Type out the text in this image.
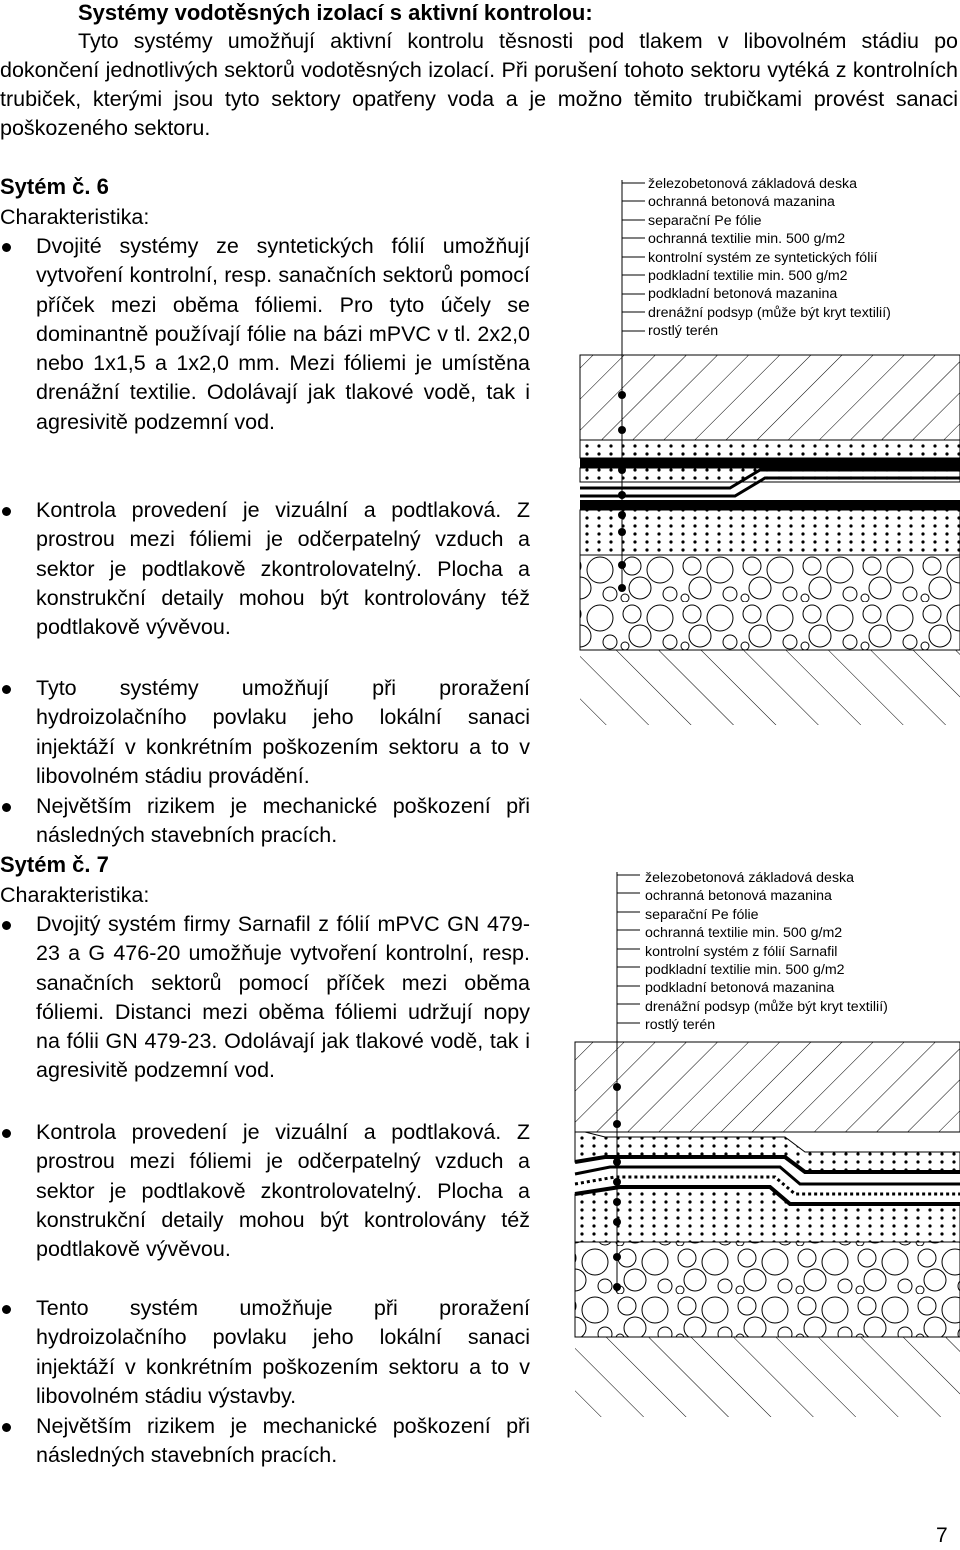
Systémy vodotěsných izolací s aktivní kontrolou:
Tyto systémy umožňují aktivní kontrolu těsnosti pod tlakem v libovolném stádiu po dokončení jednotlivých sektorů vodotěsných izolací. Při porušení tohoto sektoru vytéká z kontrolních trubiček, kterými jsou tyto sektory opatřeny voda a je možno těmito trubičkami provést sanaci poškozeného sektoru.
Sytém č. 6
Charakteristika:
Dvojité systémy ze syntetických fólií umožňují vytvoření kontrolní, resp. sanačních sektorů pomocí příček mezi oběma fóliemi. Pro tyto účely se dominantně používají fólie na bázi mPVC v tl. 2x2,0 nebo 1x1,5 a 1x2,0 mm. Mezi fóliemi je umístěna drenážní textilie. Odolávají jak tlakové vodě, tak i agresivitě podzemní vod.
Kontrola provedení je vizuální a podtlaková. Z prostrou mezi fóliemi je odčerpatelný vzduch a sektor je podtlakově zkontrolovatelný. Plocha a konstrukční detaily mohou být kontrolovány též podtlakově vývěvou.
Tyto systémy umožňují při proražení hydroizolačního povlaku jeho lokální sanaci injektáží v konkrétním poškozením sektoru a to v libovolném stádiu provádění.
Největším rizikem je mechanické poškození při následných stavebních pracích.
Sytém č. 7
Charakteristika:
Dvojitý systém firmy Sarnafil z fólií mPVC GN 479-23 a G 476-20 umožňuje vytvoření kontrolní, resp. sanačních sektorů pomocí příček mezi oběma fóliemi. Distanci mezi oběma fóliemi udržují nopy na fólii GN 479-23. Odolávají jak tlakové vodě, tak i agresivitě podzemní vod.
Kontrola provedení je vizuální a podtlaková. Z prostrou mezi fóliemi je odčerpatelný vzduch a sektor je podtlakově zkontrolovatelný. Plocha a konstrukční detaily mohou být kontrolovány též podtlakově vývěvou.
Tento systém umožňuje při proražení hydroizolačního povlaku jeho lokální sanaci injektáží v konkrétním poškozením sektoru a to v libovolném stádiu výstavby.
Největším rizikem je mechanické poškození při následných stavebních pracích.
železobetonová základová deska
ochranná betonová mazanina
separační Pe fólie
ochranná textilie min. 500 g/m2
kontrolní systém ze syntetických fólií
podkladní textilie min. 500 g/m2
podkladní betonová mazanina
drenážní podsyp (může být kryt textilií)
rostlý terén
železobetonová základová deska
ochranná betonová mazanina
separační Pe fólie
ochranná textilie min. 500 g/m2
kontrolní systém z fólií Sarnafil
podkladní textilie min. 500 g/m2
podkladní betonová mazanina
drenážní podsyp (může být kryt textilií)
rostlý terén
7
